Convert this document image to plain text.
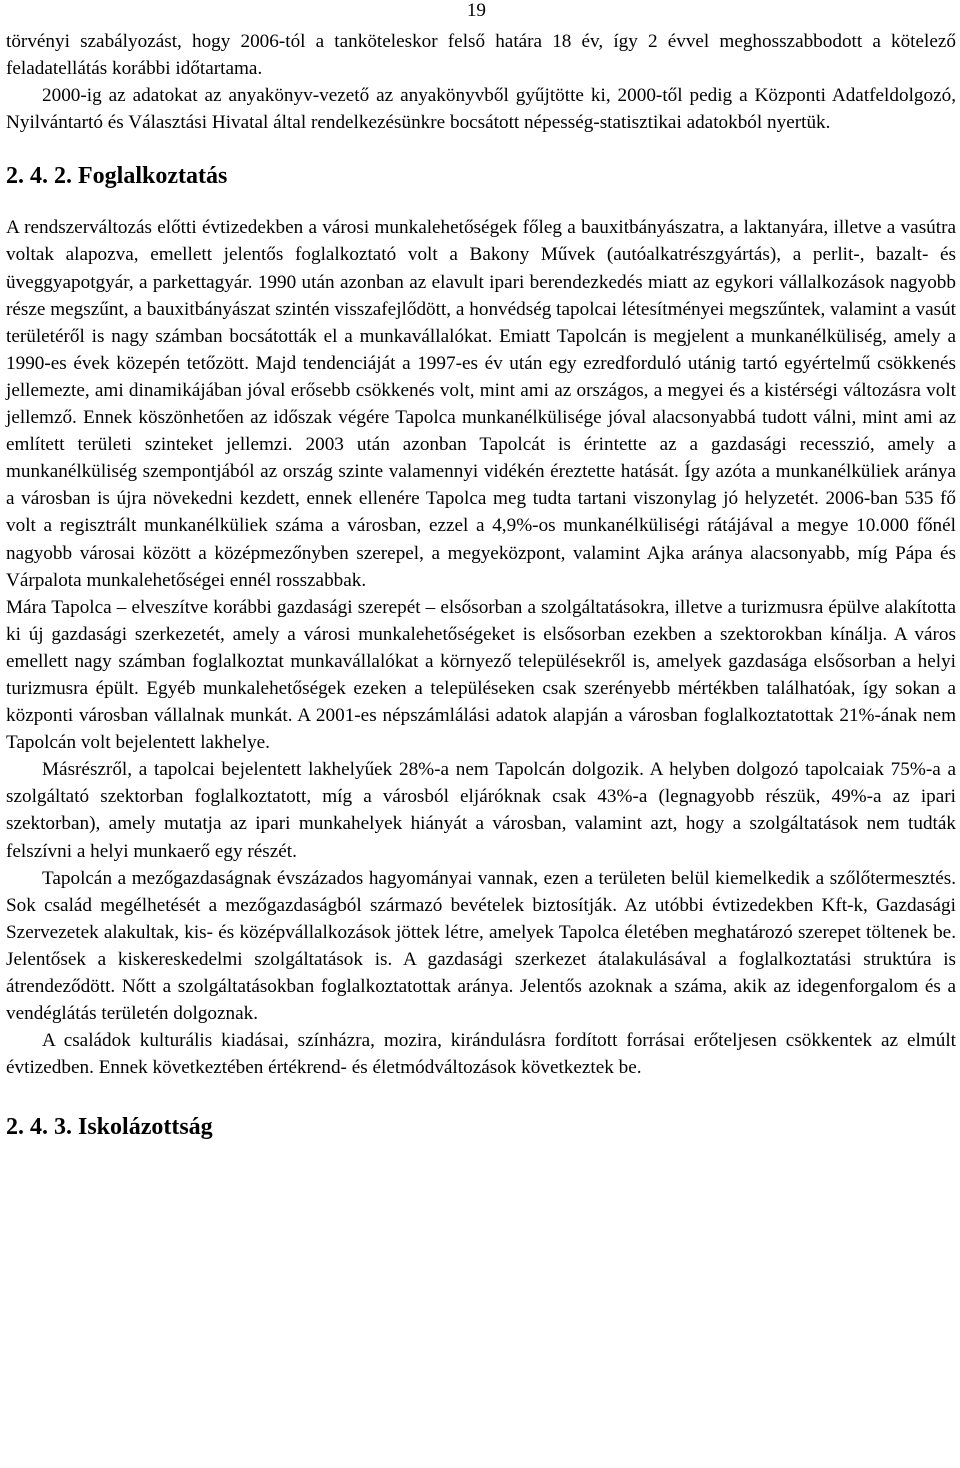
19

törvényi szabályozást, hogy 2006-tól a tanköteleskor felső határa 18 év, így 2 évvel meghosszabbodott a kötelező feladatellátás korábbi időtartama.

2000-ig az adatokat az anyakönyv-vezető az anyakönyvből gyűjtötte ki, 2000-től pedig a Központi Adatfeldolgozó, Nyilvántartó és Választási Hivatal által rendelkezésünkre bocsátott népesség-statisztikai adatokból nyertük.

2. 4. 2. Foglalkoztatás

A rendszerváltozás előtti évtizedekben a városi munkalehetőségek főleg a bauxitbányászatra, a laktanyára, illetve a vasútra voltak alapozva, emellett jelentős foglalkoztató volt a Bakony Művek (autóalkatrészgyártás), a perlit-, bazalt- és üveggyapotgyár, a parkettagyár. 1990 után azonban az elavult ipari berendezkedés miatt az egykori vállalkozások nagyobb része megszűnt, a bauxitbányászat szintén visszafejlődött, a honvédség tapolcai létesítményei megszűntek, valamint a vasút területéről is nagy számban bocsátották el a munkavállalókat. Emiatt Tapolcán is megjelent a munkanélküliség, amely a 1990-es évek közepén tetőzött. Majd tendenciáját a 1997-es év után egy ezredforduló utánig tartó egyértelmű csökkenés jellemezte, ami dinamikájában jóval erősebb csökkenés volt, mint ami az országos, a megyei és a kistérségi változásra volt jellemző. Ennek köszönhetően az időszak végére Tapolca munkanélkülisége jóval alacsonyabbá tudott válni, mint ami az említett területi szinteket jellemzi. 2003 után azonban Tapolcát is érintette az a gazdasági recesszió, amely a munkanélküliség szempontjából az ország szinte valamennyi vidékén éreztette hatását. Így azóta a munkanélküliek aránya a városban is újra növekedni kezdett, ennek ellenére Tapolca meg tudta tartani viszonylag jó helyzetét. 2006-ban 535 fő volt a regisztrált munkanélküliek száma a városban, ezzel a 4,9%-os munkanélküliségi rátájával a megye 10.000 főnél nagyobb városai között a középmezőnyben szerepel, a megyeközpont, valamint Ajka aránya alacsonyabb, míg Pápa és Várpalota munkalehetőségei ennél rosszabbak.

Mára Tapolca – elveszítve korábbi gazdasági szerepét – elsősorban a szolgáltatásokra, illetve a turizmusra épülve alakította ki új gazdasági szerkezetét, amely a városi munkalehetőségeket is elsősorban ezekben a szektorokban kínálja. A város emellett nagy számban foglalkoztat munkavállalókat a környező településekről is, amelyek gazdasága elsősorban a helyi turizmusra épült. Egyéb munkalehetőségek ezeken a településeken csak szerényebb mértékben találhatóak, így sokan a központi városban vállalnak munkát. A 2001-es népszámlálási adatok alapján a városban foglalkoztatottak 21%-ának nem Tapolcán volt bejelentett lakhelye.

Másrészről, a tapolcai bejelentett lakhelyűek 28%-a nem Tapolcán dolgozik. A helyben dolgozó tapolcaiak 75%-a a szolgáltató szektorban foglalkoztatott, míg a városból eljáróknak csak 43%-a (legnagyobb részük, 49%-a az ipari szektorban), amely mutatja az ipari munkahelyek hiányát a városban, valamint azt, hogy a szolgáltatások nem tudták felszívni a helyi munkaerő egy részét.

Tapolcán a mezőgazdaságnak évszázados hagyományai vannak, ezen a területen belül kiemelkedik a szőlőtermesztés. Sok család megélhetését a mezőgazdaságból származó bevételek biztosítják. Az utóbbi évtizedekben Kft-k, Gazdasági Szervezetek alakultak, kis- és középvállalkozások jöttek létre, amelyek Tapolca életében meghatározó szerepet töltenek be. Jelentősek a kiskereskedelmi szolgáltatások is. A gazdasági szerkezet átalakulásával a foglalkoztatási struktúra is átrendeződött. Nőtt a szolgáltatásokban foglalkoztatottak aránya. Jelentős azoknak a száma, akik az idegenforgalom és a vendéglátás területén dolgoznak.

A családok kulturális kiadásai, színházra, mozira, kirándulásra fordított forrásai erőteljesen csökkentek az elmúlt évtizedben. Ennek következtében értékrend- és életmódváltozások következtek be.

2. 4. 3. Iskolázottság
